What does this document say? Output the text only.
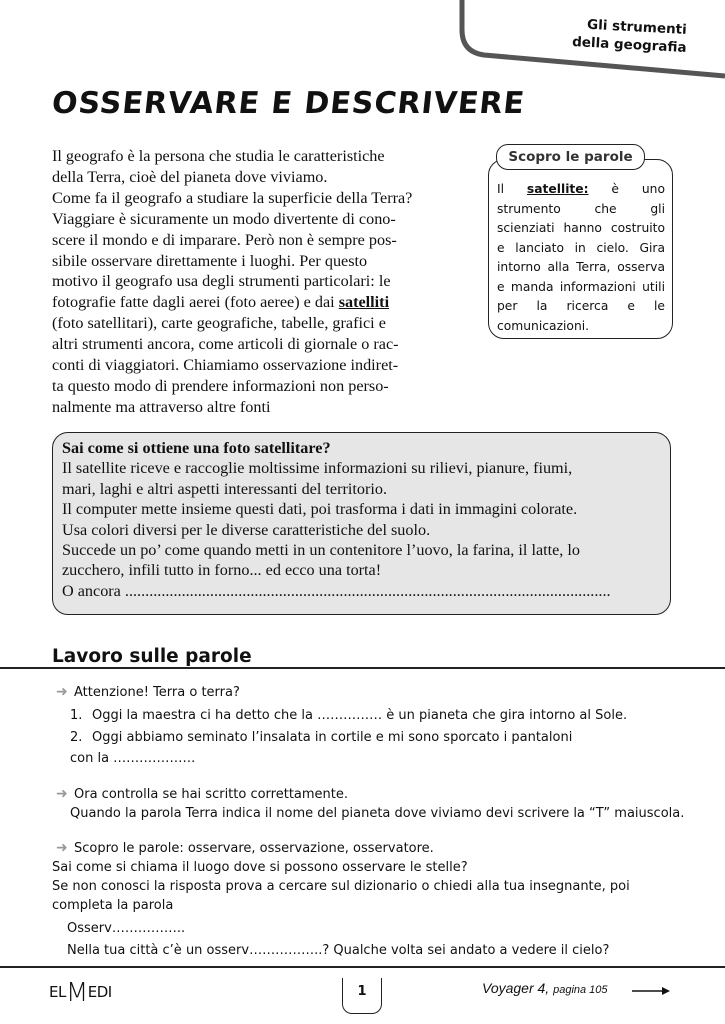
Gli strumenti
della geografia
OSSERVARE E DESCRIVERE

Il geografo è la persona che studia le caratteristiche

della Terra, cioè del pianeta dove viviamo.

Come fa il geografo a studiare la superficie della Terra?

Viaggiare è sicuramente un modo divertente di cono-

scere il mondo e di imparare. Però non è sempre pos-

sibile osservare direttamente i luoghi. Per questo

motivo il geografo usa degli strumenti particolari: le

fotografie fatte dagli aerei (foto aeree) e dai satelliti

(foto satellitari), carte geografiche, tabelle, grafici e

altri strumenti ancora, come articoli di giornale o rac-

conti di viaggiatori. Chiamiamo osservazione indiret-

ta questo modo di prendere informazioni non perso-

nalmente ma attraverso altre fonti

Scopro le parole
Il satellite: è uno strumento che gli scienziati hanno costruito e lanciato in cielo. Gira intorno alla Terra, osserva e manda informazioni utili per la ricerca e le comunicazioni.

Sai come si ottiene una foto satellitare?

Il satellite riceve e raccoglie moltissime informazioni su rilievi, pianure, fiumi,

mari, laghi e altri aspetti interessanti del territorio.

Il computer mette insieme questi dati, poi trasforma i dati in immagini colorate.

Usa colori diversi per le diverse caratteristiche del suolo.

Succede un po’ come quando metti in un contenitore l’uovo, la farina, il latte, lo

zucchero, infili tutto in forno... ed ecco una torta!

O ancora ........................................................................................................................

Lavoro sulle parole

➜ Attenzione! Terra o terra?

1. Oggi la maestra ci ha detto che la …………… è un pianeta che gira intorno al Sole.

2. Oggi abbiamo seminato l’insalata in cortile e mi sono sporcato i pantaloni

con la ……………….

➜ Ora controlla se hai scritto correttamente.

Quando la parola Terra indica il nome del pianeta dove viviamo devi scrivere la “T” maiuscola.

➜ Scopro le parole: osservare, osservazione, osservatore.

Sai come si chiama il luogo dove si possono osservare le stelle?

Se non conosci la risposta prova a cercare sul dizionario o chiedi alla tua insegnante, poi

completa la parola

Osserv……………..

Nella tua città c’è un osserv……………..? Qualche volta sei andato a vedere il cielo?

ELMEDI	1	Voyager 4, pagina 105
